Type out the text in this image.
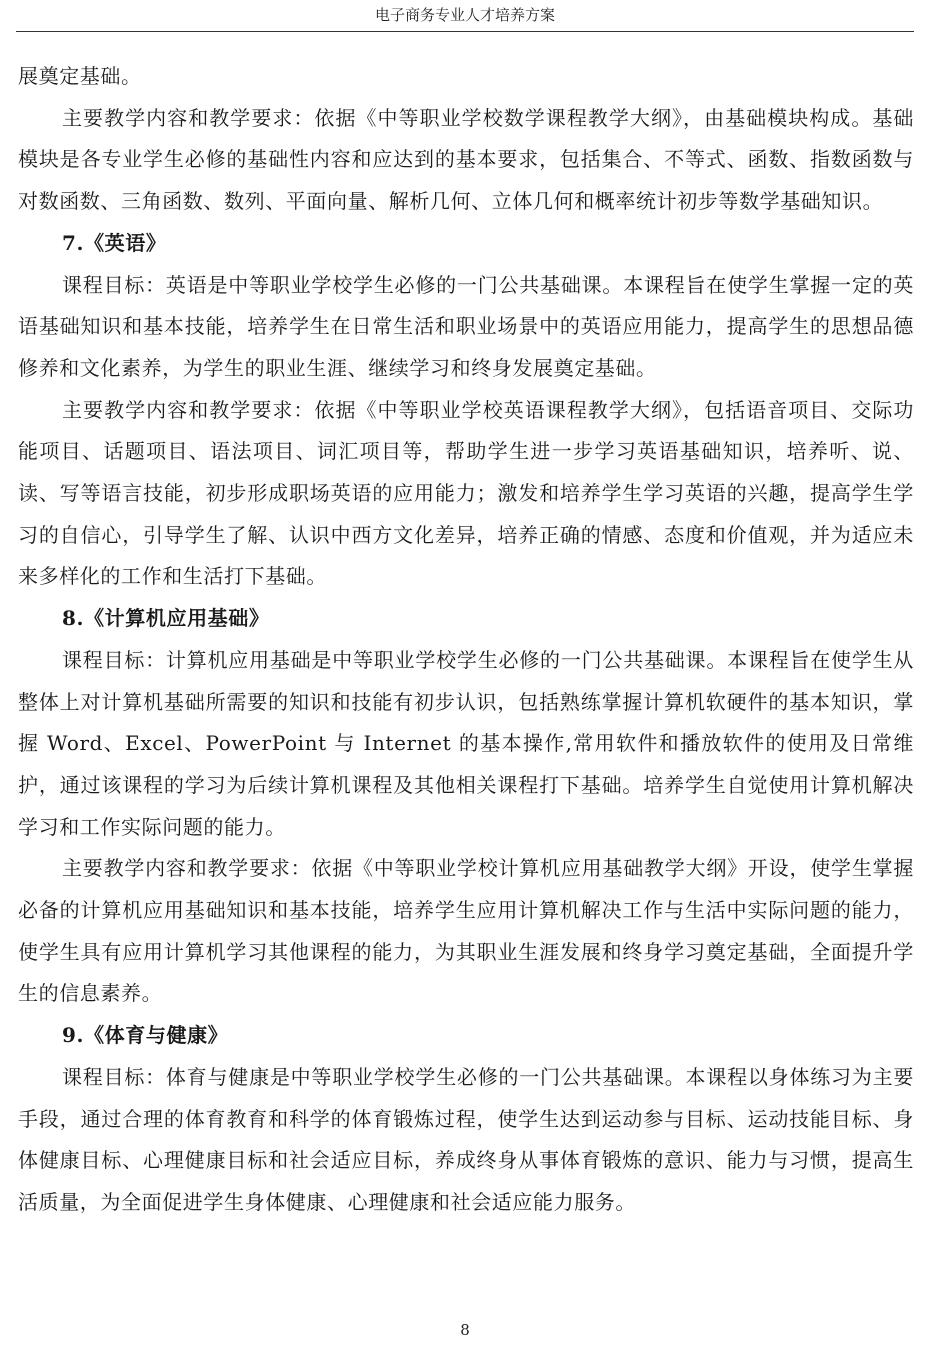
电子商务专业人才培养方案

展奠定基础。

主要教学内容和教学要求：依据《中等职业学校数学课程教学大纲》，由基础模块构成。基础模块是各专业学生必修的基础性内容和应达到的基本要求，包括集合、不等式、函数、指数函数与对数函数、三角函数、数列、平面向量、解析几何、立体几何和概率统计初步等数学基础知识。

7.《英语》

课程目标：英语是中等职业学校学生必修的一门公共基础课。本课程旨在使学生掌握一定的英语基础知识和基本技能，培养学生在日常生活和职业场景中的英语应用能力，提高学生的思想品德修养和文化素养，为学生的职业生涯、继续学习和终身发展奠定基础。

主要教学内容和教学要求：依据《中等职业学校英语课程教学大纲》，包括语音项目、交际功能项目、话题项目、语法项目、词汇项目等，帮助学生进一步学习英语基础知识，培养听、说、读、写等语言技能，初步形成职场英语的应用能力；激发和培养学生学习英语的兴趣，提高学生学习的自信心，引导学生了解、认识中西方文化差异，培养正确的情感、态度和价值观，并为适应未来多样化的工作和生活打下基础。

8.《计算机应用基础》

课程目标：计算机应用基础是中等职业学校学生必修的一门公共基础课。本课程旨在使学生从整体上对计算机基础所需要的知识和技能有初步认识，包括熟练掌握计算机软硬件的基本知识，掌握 Word、Excel、PowerPoint 与 Internet 的基本操作,常用软件和播放软件的使用及日常维护，通过该课程的学习为后续计算机课程及其他相关课程打下基础。培养学生自觉使用计算机解决学习和工作实际问题的能力。

主要教学内容和教学要求：依据《中等职业学校计算机应用基础教学大纲》开设，使学生掌握必备的计算机应用基础知识和基本技能，培养学生应用计算机解决工作与生活中实际问题的能力，使学生具有应用计算机学习其他课程的能力，为其职业生涯发展和终身学习奠定基础，全面提升学生的信息素养。

9.《体育与健康》

课程目标：体育与健康是中等职业学校学生必修的一门公共基础课。本课程以身体练习为主要手段，通过合理的体育教育和科学的体育锻炼过程，使学生达到运动参与目标、运动技能目标、身体健康目标、心理健康目标和社会适应目标，养成终身从事体育锻炼的意识、能力与习惯，提高生活质量，为全面促进学生身体健康、心理健康和社会适应能力服务。

8
